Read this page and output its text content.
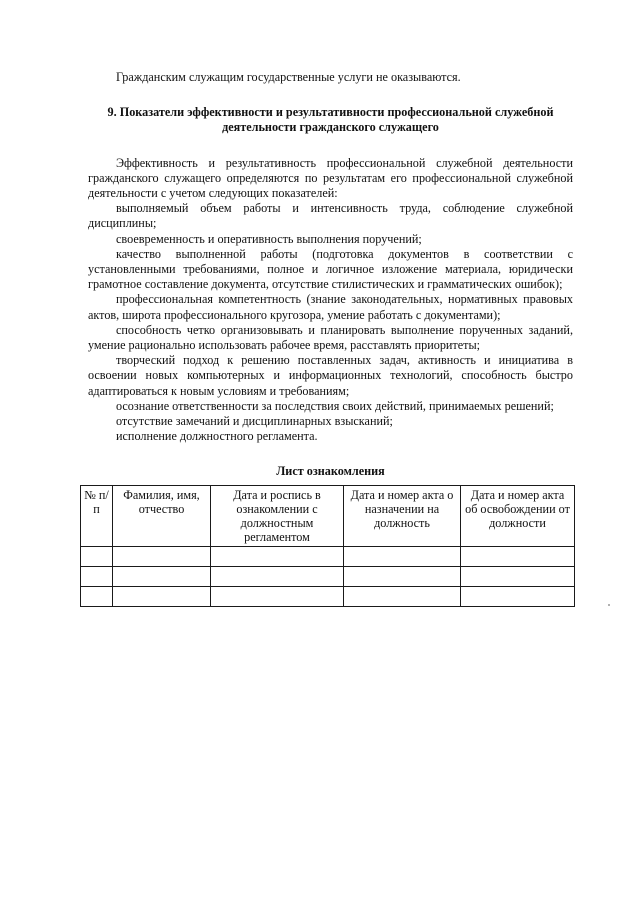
Гражданским служащим государственные услуги не оказываются.

9. Показатели эффективности и результативности профессиональной служебной
деятельности гражданского служащего

Эффективность и результативность профессиональной служебной деятельности гражданского служащего определяются по результатам его профессиональной служебной деятельности с учетом следующих показателей:

выполняемый объем работы и интенсивность труда, соблюдение служебной дисциплины;

своевременность и оперативность выполнения поручений;

качество выполненной работы (подготовка документов в соответствии с установленными требованиями, полное и логичное изложение материала, юридически грамотное составление документа, отсутствие стилистических и грамматических ошибок);

профессиональная компетентность (знание законодательных, нормативных правовых актов, широта профессионального кругозора, умение работать с документами);

способность четко организовывать и планировать выполнение порученных заданий, умение рационально использовать рабочее время, расставлять приоритеты;

творческий подход к решению поставленных задач, активность и инициатива в освоении новых компьютерных и информационных технологий, способность быстро адаптироваться к новым условиям и требованиям;

осознание ответственности за последствия своих действий, принимаемых решений;

отсутствие замечаний и дисциплинарных взысканий;

исполнение должностного регламента.

Лист ознакомления
№ п/п	Фамилия, имя, отчество	Дата и роспись в ознакомлении с должностным регламентом	Дата и номер акта о назначении на должность	Дата и номер акта об освобождении от должности
